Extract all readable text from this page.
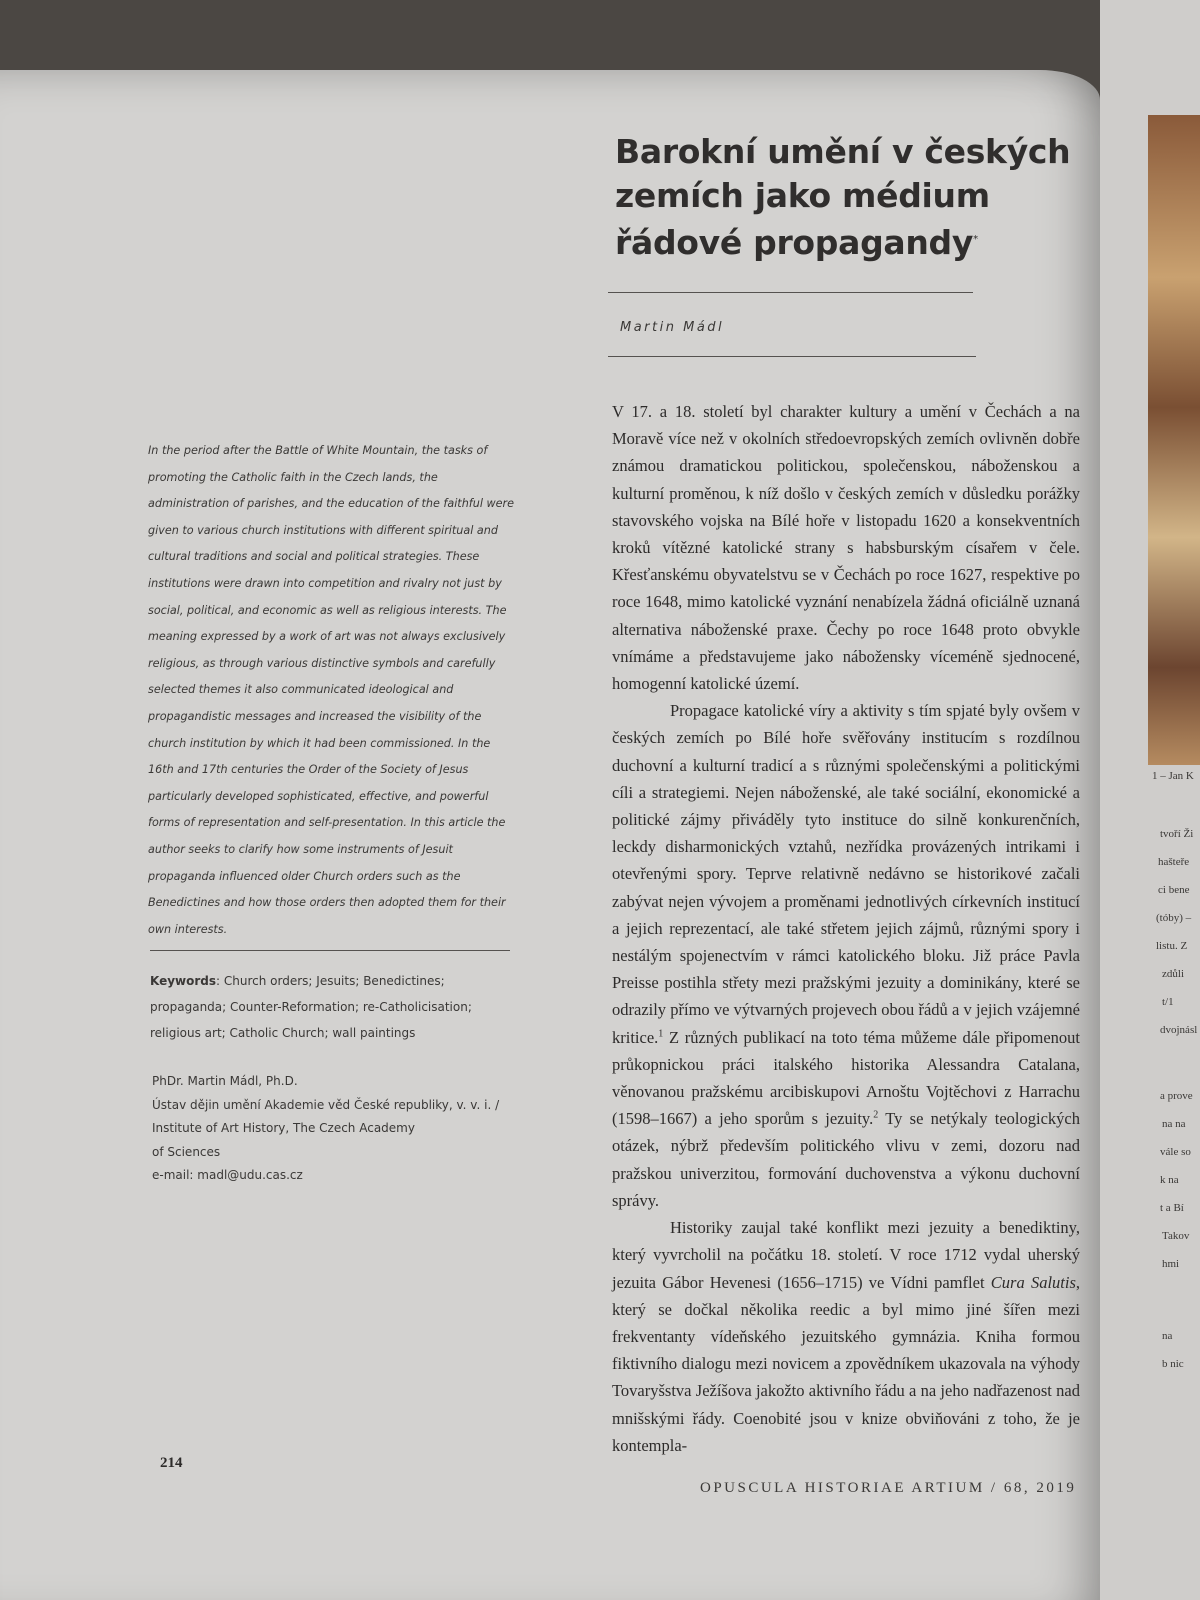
1 – Jan K
tvoří Ži
hašteře
ci bene
(tóby) –
listu. Z
zdůli
t/1
dvojnásl
a prove
na na
vále so
k na
t a Bí
Takov
hmi
na
b nic
Barokní umění v českých
zemích jako médium
řádové propagandy*
Martin Mádl

In the period after the Battle of White Mountain, the tasks of promoting the Catholic faith in the Czech lands, the administration of parishes, and the education of the faithful were given to various church institutions with different spiritual and cultural traditions and social and political strategies. These institutions were drawn into competition and rivalry not just by social, political, and economic as well as religious interests. The meaning expressed by a work of art was not always exclusively religious, as through various distinctive symbols and carefully selected themes it also communicated ideological and propagandistic messages and increased the visibility of the church institution by which it had been commissioned. In the 16th and 17th centuries the Order of the Society of Jesus particularly developed sophisticated, effective, and powerful forms of representation and self-presentation. In this article the author seeks to clarify how some instruments of Jesuit propaganda influenced older Church orders such as the Benedictines and how those orders then adopted them for their own interests.

Keywords: Church orders; Jesuits; Benedictines; propaganda; Counter-Reformation; re-Catholicisation; religious art; Catholic Church; wall paintings

PhDr. Martin Mádl, Ph.D.
Ústav dějin umění Akademie věd České republiky, v. v. i. /
Institute of Art History, The Czech Academy
of Sciences
e-mail: madl@udu.cas.cz

V 17. a 18. století byl charakter kultury a umění v Čechách a na Moravě více než v okolních středoevropských zemích ovlivněn dobře známou dramatickou politickou, společenskou, náboženskou a kulturní proměnou, k níž došlo v českých zemích v důsledku porážky stavovského vojska na Bílé hoře v listopadu 1620 a konsekventních kroků vítězné katolické strany s habsburským císařem v čele. Křesťanskému obyvatelstvu se v Čechách po roce 1627, respektive po roce 1648, mimo katolické vyznání nenabízela žádná oficiálně uznaná alternativa náboženské praxe. Čechy po roce 1648 proto obvykle vnímáme a představujeme jako nábožensky víceméně sjednocené, homogenní katolické území.

Propagace katolické víry a aktivity s tím spjaté byly ovšem v českých zemích po Bílé hoře svěřovány institucím s rozdílnou duchovní a kulturní tradicí a s různými společenskými a politickými cíli a strategiemi. Nejen náboženské, ale také sociální, ekonomické a politické zájmy přiváděly tyto instituce do silně konkurenčních, leckdy disharmonických vztahů, nezřídka provázených intrikami i otevřenými spory. Teprve relativně nedávno se historikové začali zabývat nejen vývojem a proměnami jednotlivých církevních institucí a jejich reprezentací, ale také střetem jejich zájmů, různými spory i nestálým spojenectvím v rámci katolického bloku. Již práce Pavla Preisse postihla střety mezi pražskými jezuity a dominikány, které se odrazily přímo ve výtvarných projevech obou řádů a v jejich vzájemné kritice.$^1$ Z různých publikací na toto téma můžeme dále připomenout průkopnickou práci italského historika Alessandra Catalana, věnovanou pražskému arcibiskupovi Arnoštu Vojtěchovi z Harrachu (1598–1667) a jeho sporům s jezuity.$^2$ Ty se netýkaly teologických otázek, nýbrž především politického vlivu v zemi, dozoru nad pražskou univerzitou, formování duchovenstva a výkonu duchovní správy.

Historiky zaujal také konflikt mezi jezuity a benediktiny, který vyvrcholil na počátku 18. století. V roce 1712 vydal uherský jezuita Gábor Hevenesi (1656–1715) ve Vídni pamflet Cura Salutis, který se dočkal několika reedic a byl mimo jiné šířen mezi frekventanty vídeňského jezuitského gymnázia. Kniha formou fiktivního dialogu mezi novicem a zpovědníkem ukazovala na výhody Tovaryšstva Ježíšova jakožto aktivního řádu a na jeho nadřazenost nad mnišskými řády. Coenobité jsou v knize obviňováni z toho, že je kontempla-

214
OPUSCULA HISTORIAE ARTIUM / 68, 2019
